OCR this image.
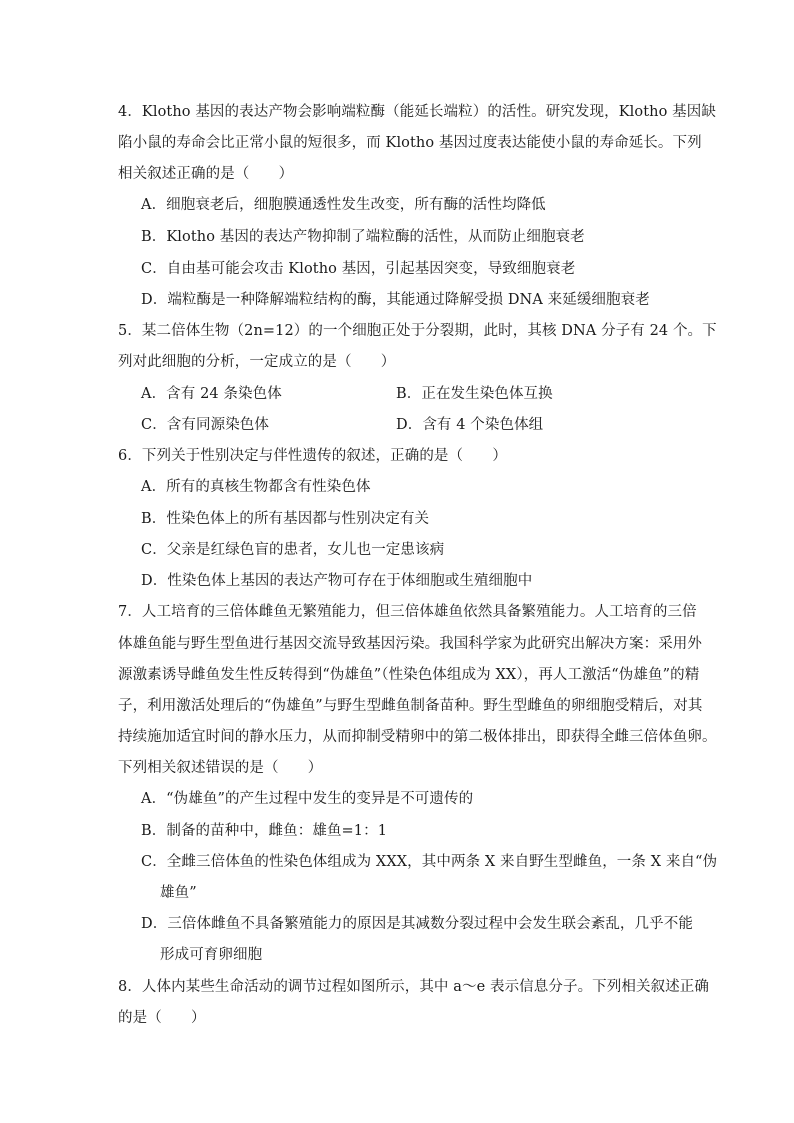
4．Klotho 基因的表达产物会影响端粒酶（能延长端粒）的活性。研究发现，Klotho 基因缺
陷小鼠的寿命会比正常小鼠的短很多，而 Klotho 基因过度表达能使小鼠的寿命延长。下列
相关叙述正确的是（　　）
A．细胞衰老后，细胞膜通透性发生改变，所有酶的活性均降低
B．Klotho 基因的表达产物抑制了端粒酶的活性，从而防止细胞衰老
C．自由基可能会攻击 Klotho 基因，引起基因突变，导致细胞衰老
D．端粒酶是一种降解端粒结构的酶，其能通过降解受损 DNA 来延缓细胞衰老
5．某二倍体生物（2n=12）的一个细胞正处于分裂期，此时，其核 DNA 分子有 24 个。下
列对此细胞的分析，一定成立的是（　　）
A．含有 24 条染色体	B．正在发生染色体互换
C．含有同源染色体	D．含有 4 个染色体组
6．下列关于性别决定与伴性遗传的叙述，正确的是（　　）
A．所有的真核生物都含有性染色体
B．性染色体上的所有基因都与性别决定有关
C．父亲是红绿色盲的患者，女儿也一定患该病
D．性染色体上基因的表达产物可存在于体细胞或生殖细胞中
7．人工培育的三倍体雌鱼无繁殖能力，但三倍体雄鱼依然具备繁殖能力。人工培育的三倍
体雄鱼能与野生型鱼进行基因交流导致基因污染。我国科学家为此研究出解决方案：采用外
源激素诱导雌鱼发生性反转得到“伪雄鱼”（性染色体组成为 XX），再人工激活“伪雄鱼”的精
子，利用激活处理后的“伪雄鱼”与野生型雌鱼制备苗种。野生型雌鱼的卵细胞受精后，对其
持续施加适宜时间的静水压力，从而抑制受精卵中的第二极体排出，即获得全雌三倍体鱼卵。
下列相关叙述错误的是（　　）
A．“伪雄鱼”的产生过程中发生的变异是不可遗传的
B．制备的苗种中，雌鱼：雄鱼=1：1
C．全雌三倍体鱼的性染色体组成为 XXX，其中两条 X 来自野生型雌鱼，一条 X 来自“伪
雄鱼”
D．三倍体雌鱼不具备繁殖能力的原因是其减数分裂过程中会发生联会紊乱，几乎不能
形成可育卵细胞
8．人体内某些生命活动的调节过程如图所示，其中 a～e 表示信息分子。下列相关叙述正确
的是（　　）
